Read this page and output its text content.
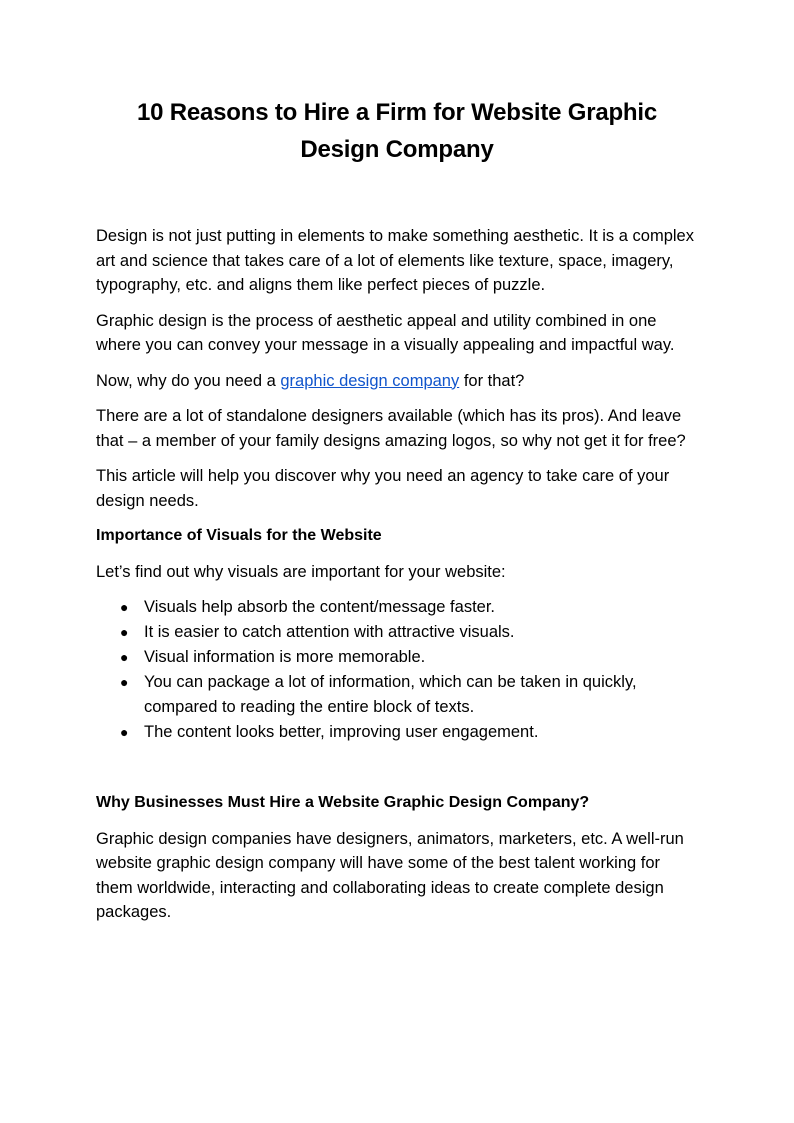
10 Reasons to Hire a Firm for Website Graphic Design Company

Design is not just putting in elements to make something aesthetic. It is a complex art and science that takes care of a lot of elements like texture, space, imagery, typography, etc. and aligns them like perfect pieces of puzzle.

Graphic design is the process of aesthetic appeal and utility combined in one where you can convey your message in a visually appealing and impactful way.

Now, why do you need a graphic design company for that?

There are a lot of standalone designers available (which has its pros). And leave that – a member of your family designs amazing logos, so why not get it for free?

This article will help you discover why you need an agency to take care of your design needs.

Importance of Visuals for the Website

Let’s find out why visuals are important for your website:

● Visuals help absorb the content/message faster.
● It is easier to catch attention with attractive visuals.
● Visual information is more memorable.
● You can package a lot of information, which can be taken in quickly, compared to reading the entire block of texts.
● The content looks better, improving user engagement.

Why Businesses Must Hire a Website Graphic Design Company?

Graphic design companies have designers, animators, marketers, etc. A well-run website graphic design company will have some of the best talent working for them worldwide, interacting and collaborating ideas to create complete design packages.
